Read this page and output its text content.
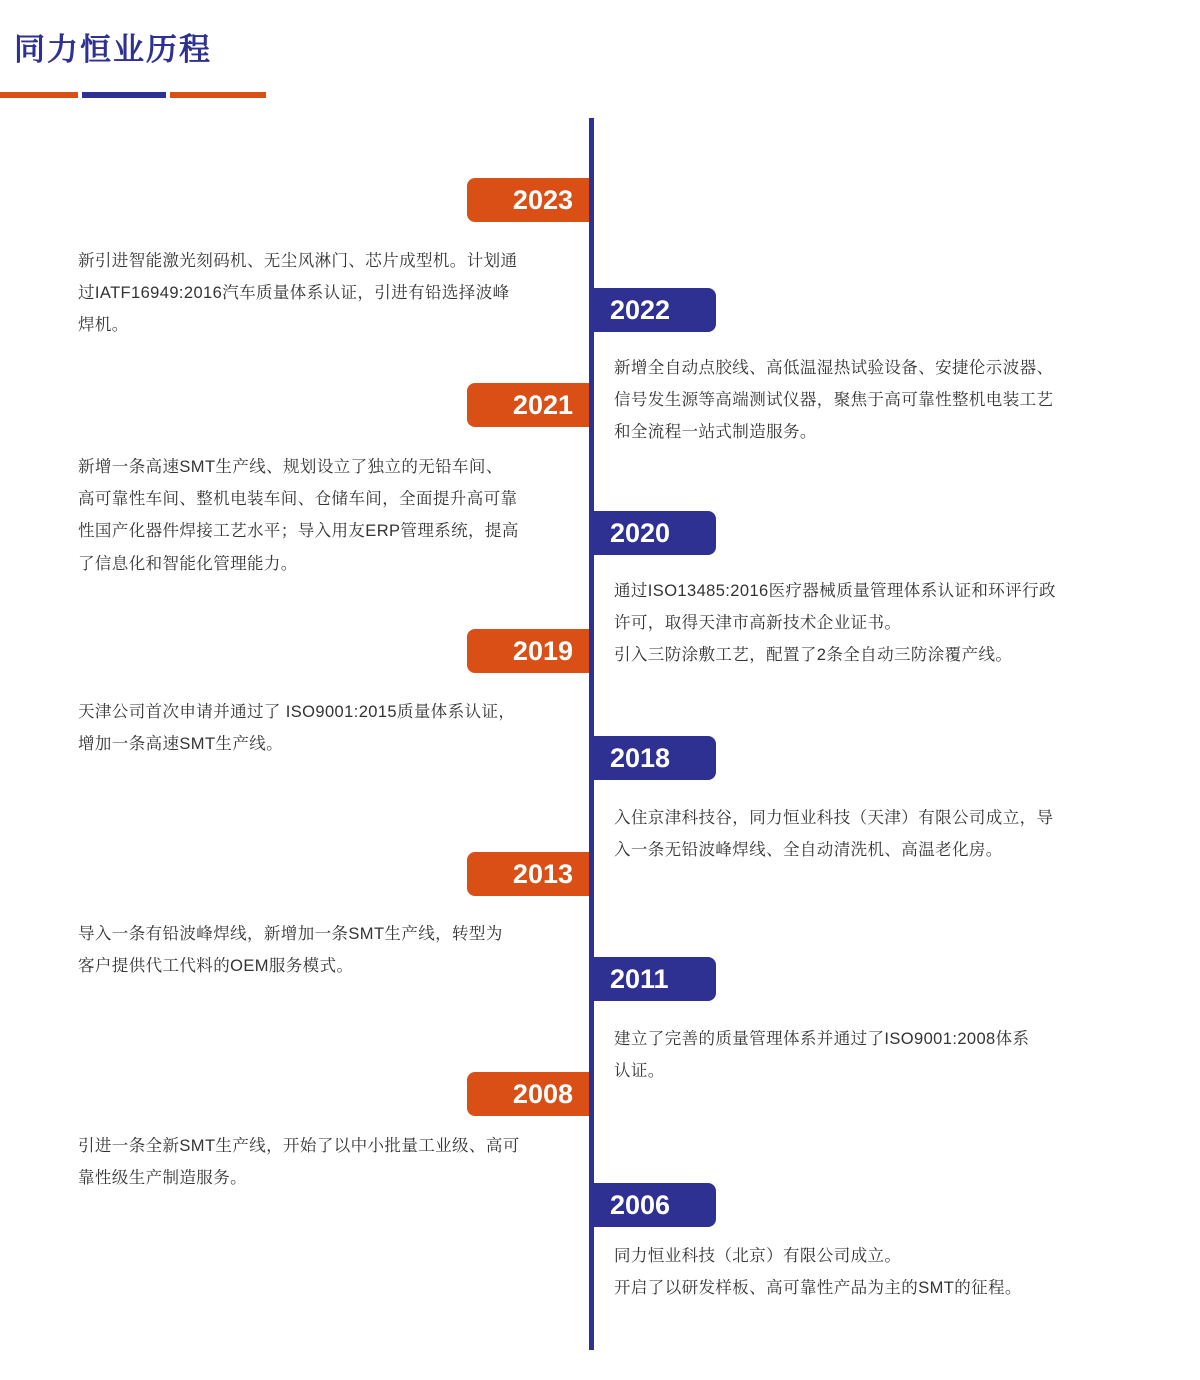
同力恒业历程
2023

新引进智能激光刻码机、无尘风淋门、芯片成型机。计划通

过IATF16949:2016汽车质量体系认证，引进有铅选择波峰

焊机。

2022

新增全自动点胶线、高低温湿热试验设备、安捷伦示波器、

信号发生源等高端测试仪器，聚焦于高可靠性整机电装工艺

和全流程一站式制造服务。

2021

新增一条高速SMT生产线、规划设立了独立的无铅车间、

高可靠性车间、整机电装车间、仓储车间，全面提升高可靠

性国产化器件焊接工艺水平；导入用友ERP管理系统，提高

了信息化和智能化管理能力。

2020

通过ISO13485:2016医疗器械质量管理体系认证和环评行政

许可，取得天津市高新技术企业证书。

引入三防涂敷工艺，配置了2条全自动三防涂覆产线。

2019

天津公司首次申请并通过了 ISO9001:2015质量体系认证，

增加一条高速SMT生产线。	2018

入住京津科技谷，同力恒业科技（天津）有限公司成立，导

入一条无铅波峰焊线、全自动清洗机、高温老化房。

2013

导入一条有铅波峰焊线，新增加一条SMT生产线，转型为

客户提供代工代料的OEM服务模式。	2011

建立了完善的质量管理体系并通过了ISO9001:2008体系

认证。

2008

引进一条全新SMT生产线，开始了以中小批量工业级、高可

靠性级生产制造服务。

2006

同力恒业科技（北京）有限公司成立。

开启了以研发样板、高可靠性产品为主的SMT的征程。
